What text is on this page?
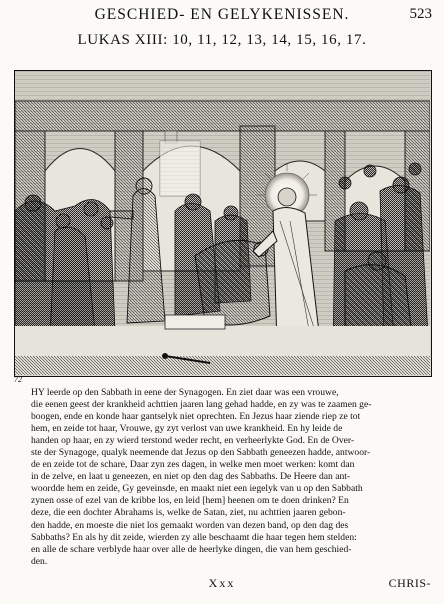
GESCHIED- EN GELYKENISSEN.	523
LUKAS XIII: 10, 11, 12, 13, 14, 15, 16, 17.
72
HY leerde op den Sabbath in eene der Synagogen. En ziet daar was een vrouwe,
die eenen geest der krankheid achttien jaaren lang gehad hadde, en zy was te zaamen ge-
boogen, ende en konde haar gantselyk niet oprechten. En Jezus haar ziende riep ze tot
hem, en zeide tot haar, Vrouwe, gy zyt verlost van uwe krankheid. En hy leide de
handen op haar, en zy wierd terstond weder recht, en verheerlykte God. En de Over-
ste der Synagoge, qualyk neemende dat Jezus op den Sabbath geneezen hadde, antwoor-
de en zeide tot de schare, Daar zyn zes dagen, in welke men moet werken: komt dan
in de zelve, en laat u geneezen, en niet op den dag des Sabbaths. De Heere dan ant-
woordde hem en zeide, Gy geveinsde, en maakt niet een iegelyk van u op den Sabbath
zynen osse of ezel van de kribbe los, en leid [hem] heenen om te doen drinken? En
deze, die een dochter Abrahams is, welke de Satan, ziet, nu achttien jaaren gebon-
den hadde, en moeste die niet los gemaakt worden van dezen band, op den dag des
Sabbaths? En als hy dit zeide, wierden zy alle beschaamt die haar tegen hem stelden:
en alle de schare verblyde haar over alle de heerlyke dingen, die van hem geschied-
den.
Xxx	CHRIS-
